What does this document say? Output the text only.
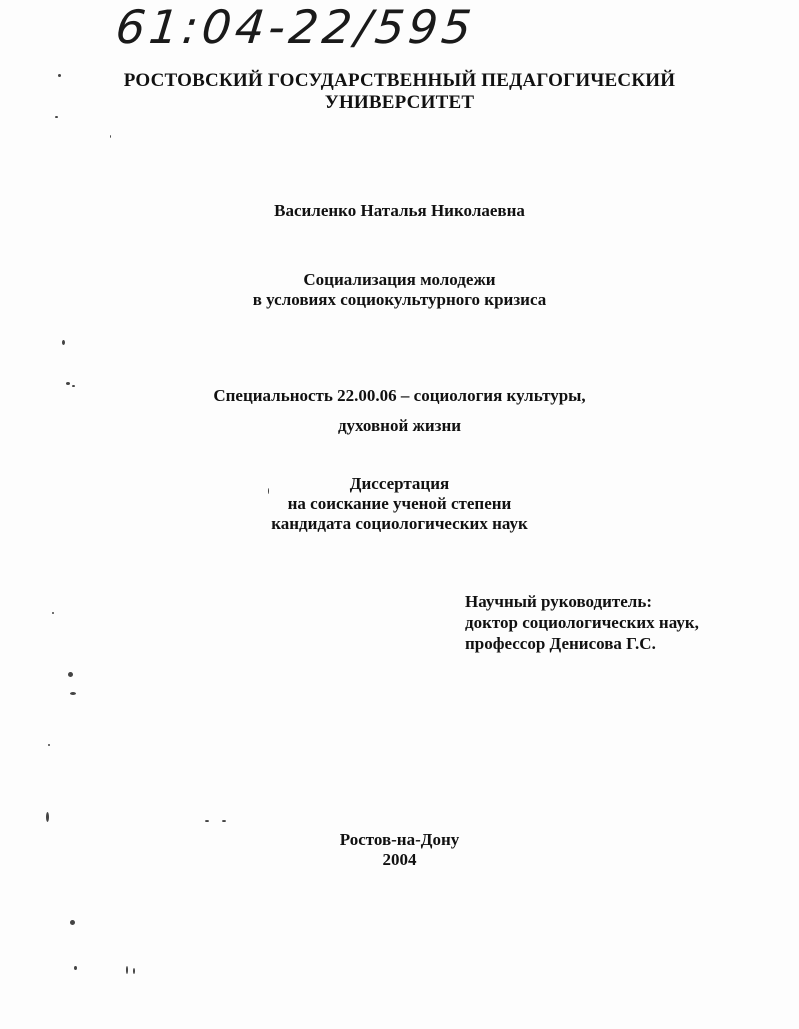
61:04-22/595
РОСТОВСКИЙ ГОСУДАРСТВЕННЫЙ ПЕДАГОГИЧЕСКИЙ
УНИВЕРСИТЕТ
Василенко Наталья Николаевна
Социализация молодежи
в условиях социокультурного кризиса
Специальность 22.00.06 – социология культуры,
духовной жизни
Диссертация
на соискание ученой степени
кандидата социологических наук
Научный руководитель:
доктор социологических наук,
профессор Денисова Г.С.
Ростов-на-Дону
2004
